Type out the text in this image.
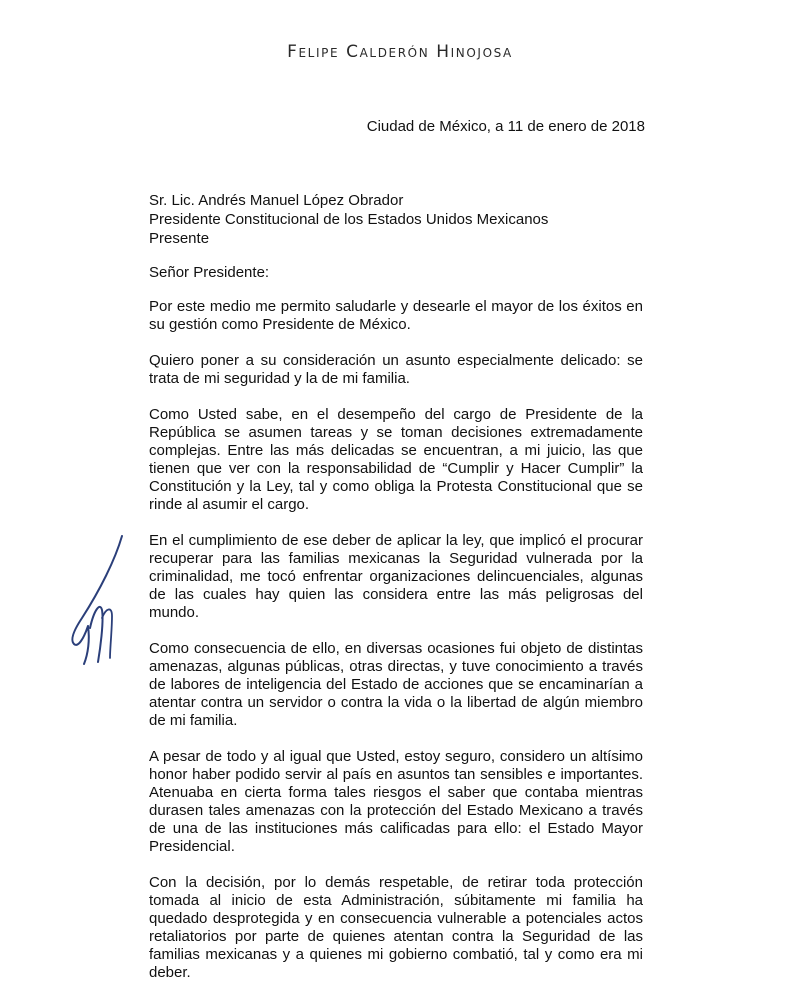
Felipe Calderón Hinojosa
Ciudad de México, a 11 de enero de 2018
Sr. Lic. Andrés Manuel López Obrador
Presidente Constitucional de los Estados Unidos Mexicanos
Presente
Señor Presidente:

Por este medio me permito saludarle y desearle el mayor de los éxitos en su gestión como Presidente de México.

Quiero poner a su consideración un asunto especialmente delicado: se trata de mi seguridad y la de mi familia.

Como Usted sabe, en el desempeño del cargo de Presidente de la República se asumen tareas y se toman decisiones extremadamente complejas. Entre las más delicadas se encuentran, a mi juicio, las que tienen que ver con la responsabilidad de “Cumplir y Hacer Cumplir” la Constitución y la Ley, tal y como obliga la Protesta Constitucional que se rinde al asumir el cargo.

En el cumplimiento de ese deber de aplicar la ley, que implicó el procurar recuperar para las familias mexicanas la Seguridad vulnerada por la criminalidad, me tocó enfrentar organizaciones delincuenciales, algunas de las cuales hay quien las considera entre las más peligrosas del mundo.

Como consecuencia de ello, en diversas ocasiones fui objeto de distintas amenazas, algunas públicas, otras directas, y tuve conocimiento a través de labores de inteligencia del Estado de acciones que se encaminarían a atentar contra un servidor o contra la vida o la libertad de algún miembro de mi familia.

A pesar de todo y al igual que Usted, estoy seguro, considero un altísimo honor haber podido servir al país en asuntos tan sensibles e importantes. Atenuaba en cierta forma tales riesgos el saber que contaba mientras durasen tales amenazas con la protección del Estado Mexicano a través de una de las instituciones más calificadas para ello: el Estado Mayor Presidencial.

Con la decisión, por lo demás respetable, de retirar toda protección tomada al inicio de esta Administración, súbitamente mi familia ha quedado desprotegida y en consecuencia vulnerable a potenciales actos retaliatorios por parte de quienes atentan contra la Seguridad de las familias mexicanas y a quienes mi gobierno combatió, tal y como era mi deber.
